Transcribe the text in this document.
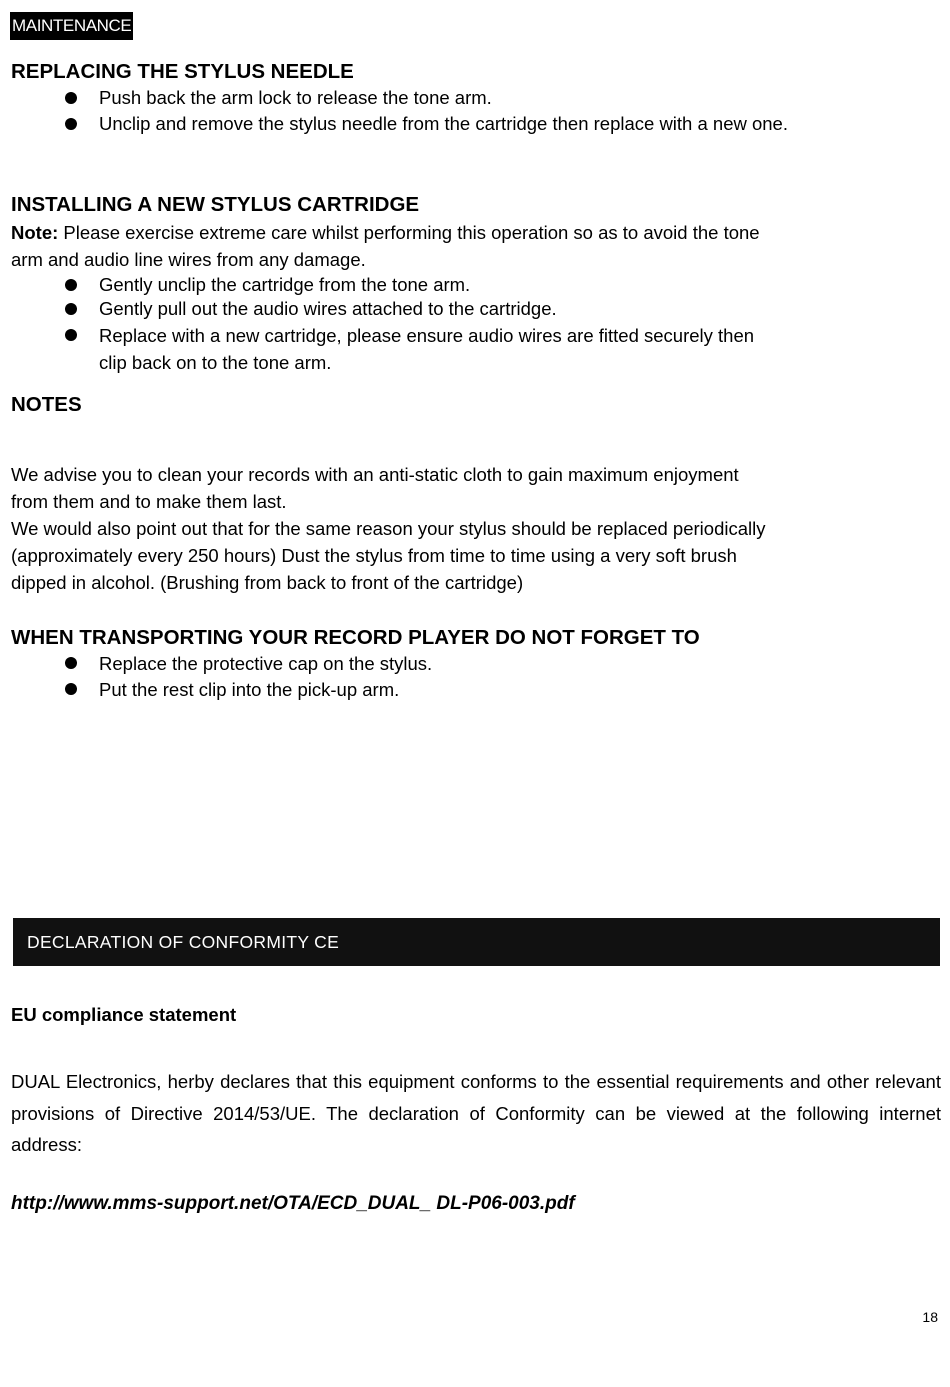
MAINTENANCE
REPLACING THE STYLUS NEEDLE
Push back the arm lock to release the tone arm.
Unclip and remove the stylus needle from the cartridge then replace with a new one.
INSTALLING A NEW STYLUS CARTRIDGE
Note: Please exercise extreme care whilst performing this operation so as to avoid the tone
arm and audio line wires from any damage.
Gently unclip the cartridge from the tone arm.
Gently pull out the audio wires attached to the cartridge.
Replace with a new cartridge, please ensure audio wires are fitted securely then
clip back on to the tone arm.
NOTES
We advise you to clean your records with an anti-static cloth to gain maximum enjoyment
from them and to make them last.
We would also point out that for the same reason your stylus should be replaced periodically
(approximately every 250 hours) Dust the stylus from time to time using a very soft brush
dipped in alcohol. (Brushing from back to front of the cartridge)
WHEN TRANSPORTING YOUR RECORD PLAYER DO NOT FORGET TO
Replace the protective cap on the stylus.
Put the rest clip into the pick-up arm.
DECLARATION OF CONFORMITY CE
EU compliance statement
DUAL Electronics, herby declares that this equipment conforms to the essential requirements and other relevant provisions of Directive 2014/53/UE. The declaration of Conformity can be viewed at the following internet address:
http://www.mms-support.net/OTA/ECD_DUAL_ DL-P06-003.pdf
18
